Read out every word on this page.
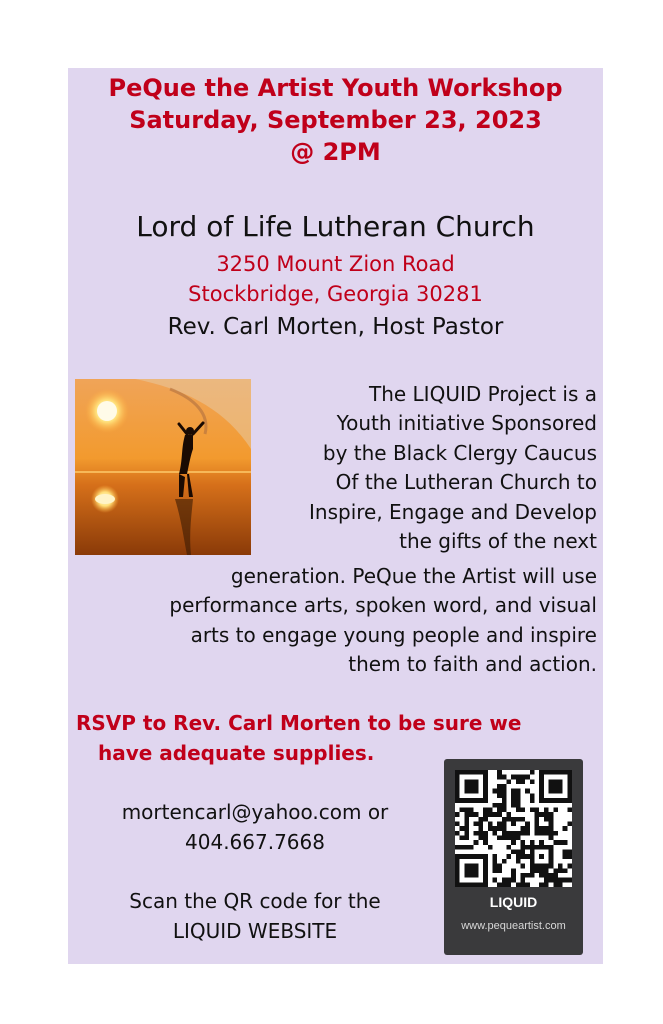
PeQue the Artist Youth Workshop
Saturday, September 23, 2023
@ 2PM
Lord of Life Lutheran Church
3250 Mount Zion Road
Stockbridge, Georgia 30281
Rev. Carl Morten, Host Pastor
The LIQUID Project is a
Youth initiative Sponsored
by the Black Clergy Caucus
Of the Lutheran Church to
Inspire, Engage and Develop
the gifts of the next
generation. PeQue the Artist will use
performance arts, spoken word, and visual
arts to engage young people and inspire
them to faith and action.
RSVP to Rev. Carl Morten to be sure we
have adequate supplies.
mortencarl@yahoo.com or
404.667.7668
Scan the QR code for the
LIQUID WEBSITE
LIQUID
www.pequeartist.com
